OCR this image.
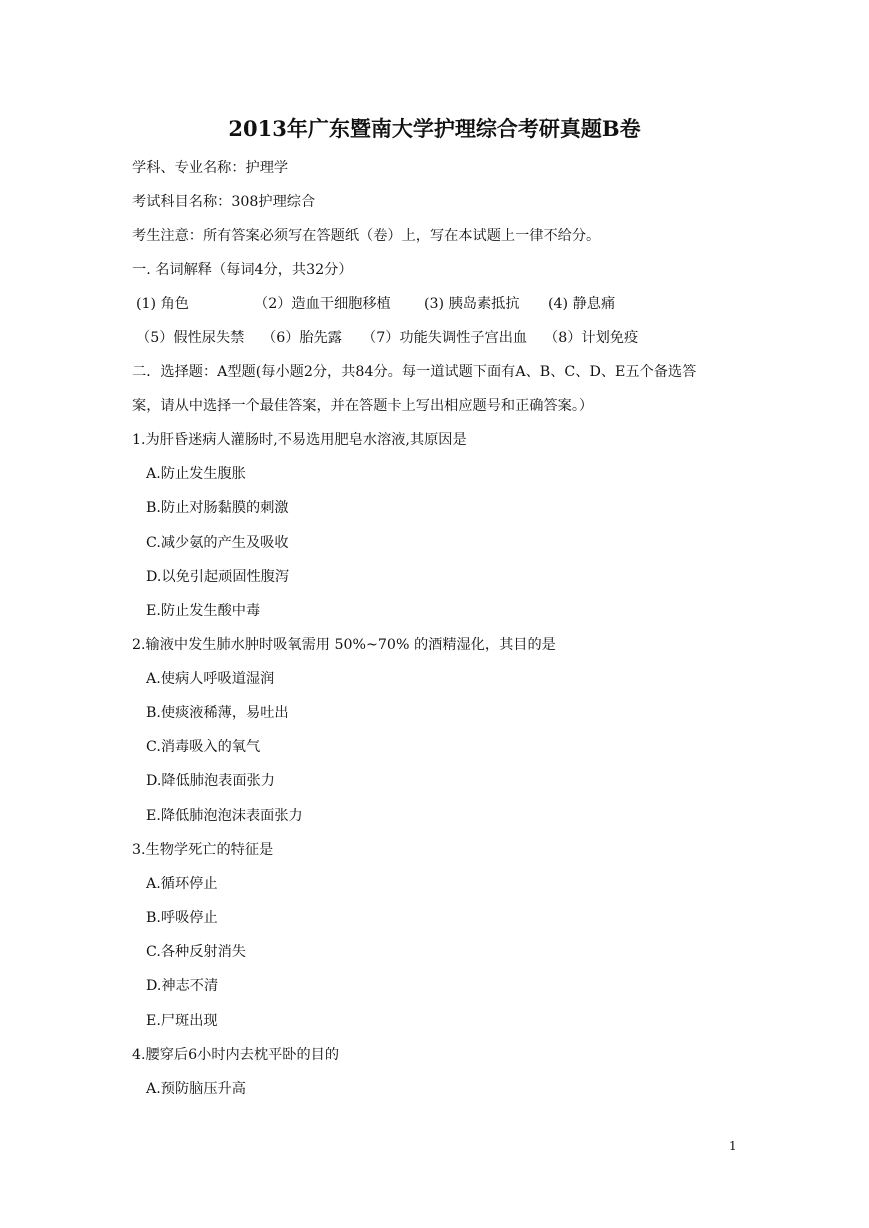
2013年广东暨南大学护理综合考研真题B卷
学科、专业名称：护理学
考试科目名称：308护理综合
考生注意：所有答案必须写在答题纸（卷）上，写在本试题上一律不给分。
一. 名词解释（每词4分，共32分）
(1) 角色	（2）造血干细胞移植 (3) 胰岛素抵抗 (4) 静息痛
（5）假性尿失禁 （6）胎先露 （7）功能失调性子宫出血 （8）计划免疫
二．选择题：A型题(每小题2分，共84分。每一道试题下面有A、B、C、D、E五个备选答
案，请从中选择一个最佳答案，并在答题卡上写出相应题号和正确答案。）
1.为肝昏迷病人灌肠时,不易选用肥皂水溶液,其原因是
A.防止发生腹胀
B.防止对肠黏膜的刺激
C.减少氨的产生及吸收
D.以免引起顽固性腹泻
E.防止发生酸中毒
2.输液中发生肺水肿时吸氧需用 50%~70% 的酒精湿化，其目的是
A.使病人呼吸道湿润
B.使痰液稀薄，易吐出
C.消毒吸入的氧气
D.降低肺泡表面张力
E.降低肺泡泡沫表面张力
3.生物学死亡的特征是
A.循环停止
B.呼吸停止
C.各种反射消失
D.神志不清
E.尸斑出现
4.腰穿后6小时内去枕平卧的目的
A.预防脑压升高
1
